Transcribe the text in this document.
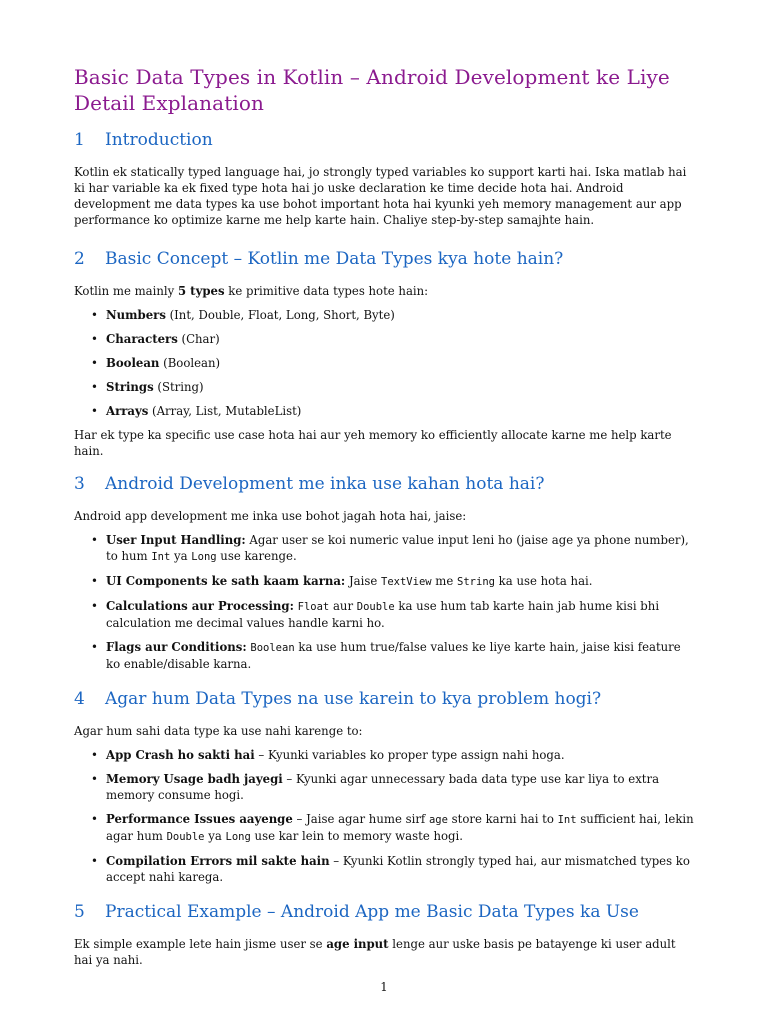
Basic Data Types in Kotlin – Android Development ke Liye Detail Explanation
1 Introduction

Kotlin ek statically typed language hai, jo strongly typed variables ko support karti hai. Iska matlab hai ki har variable ka ek fixed type hota hai jo uske declaration ke time decide hota hai. Android development me data types ka use bohot important hota hai kyunki yeh memory management aur app performance ko optimize karne me help karte hain. Chaliye step-by-step samajhte hain.

2 Basic Concept – Kotlin me Data Types kya hote hain?

Kotlin me mainly 5 types ke primitive data types hote hain:

• Numbers (Int, Double, Float, Long, Short, Byte)
• Characters (Char)
• Boolean (Boolean)
• Strings (String)
• Arrays (Array, List, MutableList)

Har ek type ka specific use case hota hai aur yeh memory ko efficiently allocate karne me help karte hain.

3 Android Development me inka use kahan hota hai?

Android app development me inka use bohot jagah hota hai, jaise:

• User Input Handling: Agar user se koi numeric value input leni ho (jaise age ya phone number), to hum Int ya Long use karenge.
• UI Components ke sath kaam karna: Jaise TextView me String ka use hota hai.
• Calculations aur Processing: Float aur Double ka use hum tab karte hain jab hume kisi bhi calculation me decimal values handle karni ho.
• Flags aur Conditions: Boolean ka use hum true/false values ke liye karte hain, jaise kisi feature ko enable/disable karna.
4 Agar hum Data Types na use karein to kya problem hogi?

Agar hum sahi data type ka use nahi karenge to:

• App Crash ho sakti hai – Kyunki variables ko proper type assign nahi hoga.
• Memory Usage badh jayegi – Kyunki agar unnecessary bada data type use kar liya to extra memory consume hogi.
• Performance Issues aayenge – Jaise agar hume sirf age store karni hai to Int sufficient hai, lekin agar hum Double ya Long use kar lein to memory waste hogi.
• Compilation Errors mil sakte hain – Kyunki Kotlin strongly typed hai, aur mismatched types ko accept nahi karega.
5 Practical Example – Android App me Basic Data Types ka Use

Ek simple example lete hain jisme user se age input lenge aur uske basis pe batayenge ki user adult hai ya nahi.

1
